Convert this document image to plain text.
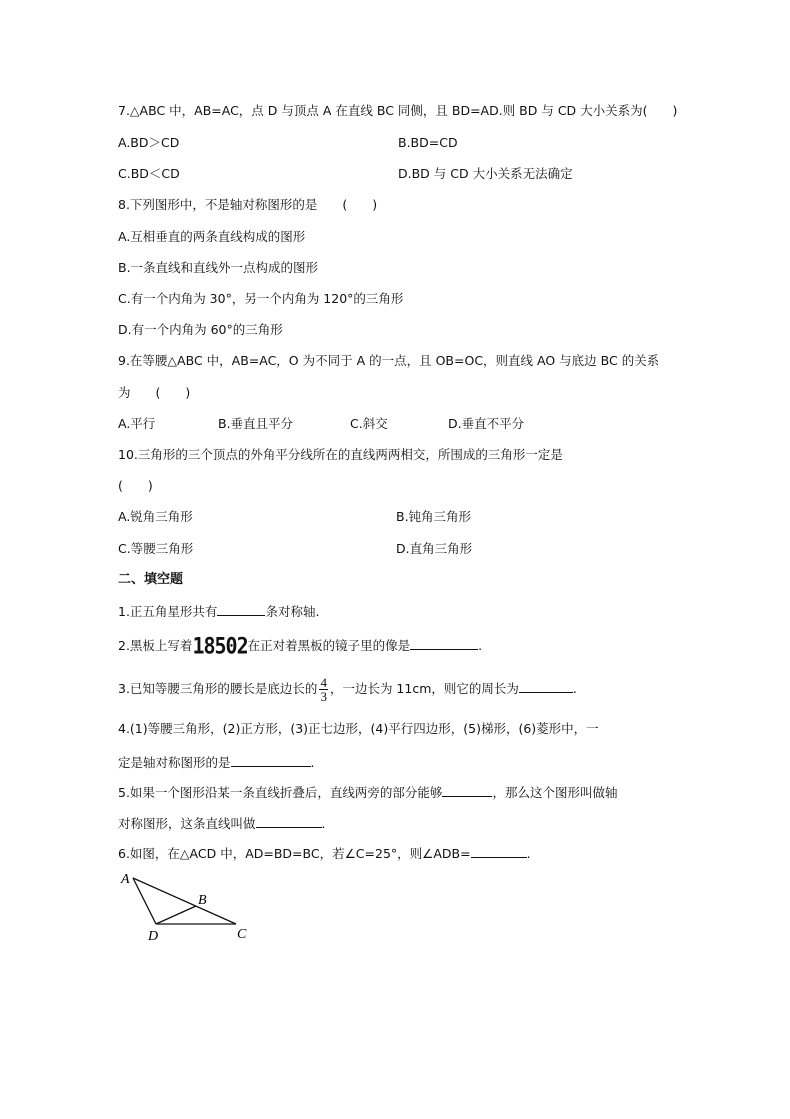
7.△ABC 中，AB=AC，点 D 与顶点 A 在直线 BC 同侧，且 BD=AD.则 BD 与 CD 大小关系为(　　)
A.BD＞CD	B.BD=CD
C.BD＜CD	D.BD 与 CD 大小关系无法确定
8.下列图形中，不是轴对称图形的是　　(　　)
A.互相垂直的两条直线构成的图形
B.一条直线和直线外一点构成的图形
C.有一个内角为 30°，另一个内角为 120°的三角形
D.有一个内角为 60°的三角形
9.在等腰△ABC 中，AB=AC，O 为不同于 A 的一点，且 OB=OC，则直线 AO 与底边 BC 的关系
为　　(　　)
A.平行	B.垂直且平分	C.斜交	D.垂直不平分
10.三角形的三个顶点的外角平分线所在的直线两两相交，所围成的三角形一定是
(　　)
A.锐角三角形	B.钝角三角形
C.等腰三角形	D.直角三角形
二、填空题
1.正五角星形共有	条对称轴.
2.黑板上写着18502在正对着黑板的镜子里的像是	.
3.已知等腰三角形的腰长是底边长的 $\frac{4}{3}$ ，一边长为 11cm，则它的周长为	.
4.(1)等腰三角形，(2)正方形，(3)正七边形，(4)平行四边形，(5)梯形，(6)菱形中，一
定是轴对称图形的是	.
5.如果一个图形沿某一条直线折叠后，直线两旁的部分能够	，那么这个图形叫做轴
对称图形，这条直线叫做	.
6.如图，在△ACD 中，AD=BD=BC，若∠C=25°，则∠ADB=	.
A
B
C
D
